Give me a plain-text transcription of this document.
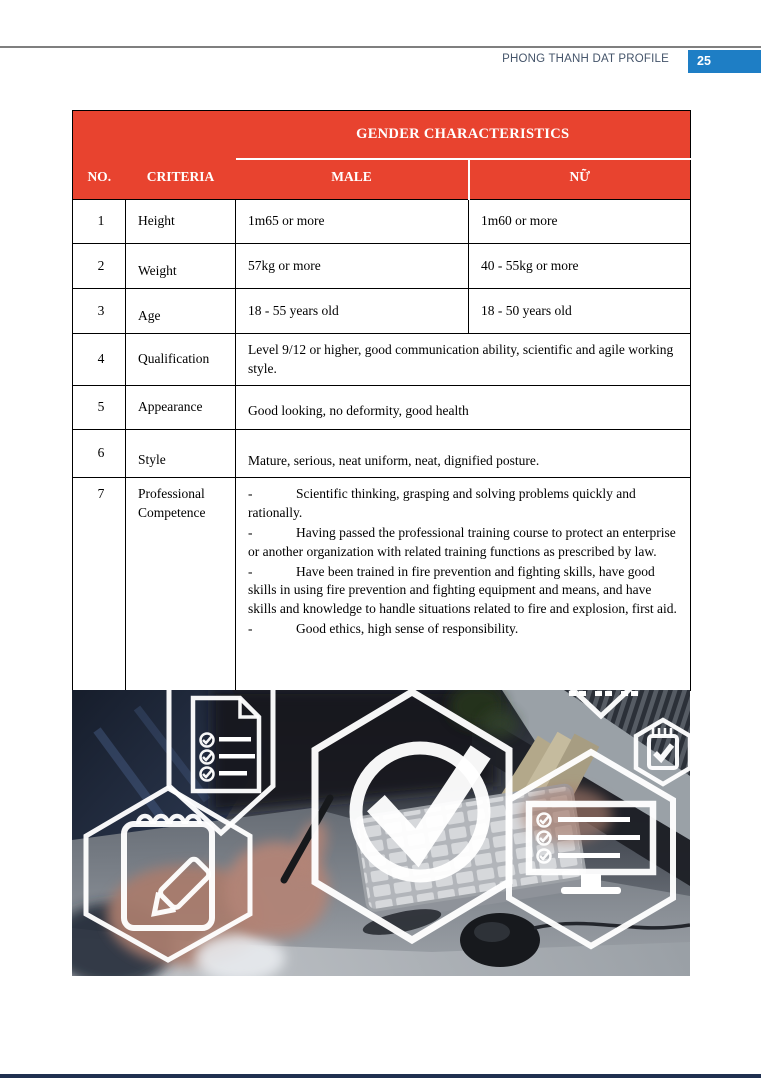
PHONG THANH DAT PROFILE	25
		GENDER CHARACTERISTICS	
NO.	CRITERIA	MALE	NỮ
1	Height	1m65 or more	1m60 or more
2	Weight	57kg or more	40 - 55kg or more
3	Age	18 - 55 years old	18 - 50 years old
4	Qualification	Level 9/12 or higher, good communication ability, scientific and agile working style.	
5	Appearance	Good looking, no deformity, good health	
6	Style	Mature, serious, neat uniform, neat, dignified posture.	
7	Professional Competence	- Scientific thinking, grasping and solving problems quickly and rationally.
- Having passed the professional training course to protect an enterprise or another organization with related training functions as prescribed by law.
- Have been trained in fire prevention and fighting skills, have good skills in using fire prevention and fighting equipment and means, and have skills and knowledge to handle situations related to fire and explosion, first aid.
- Good ethics, high sense of responsibility.	
